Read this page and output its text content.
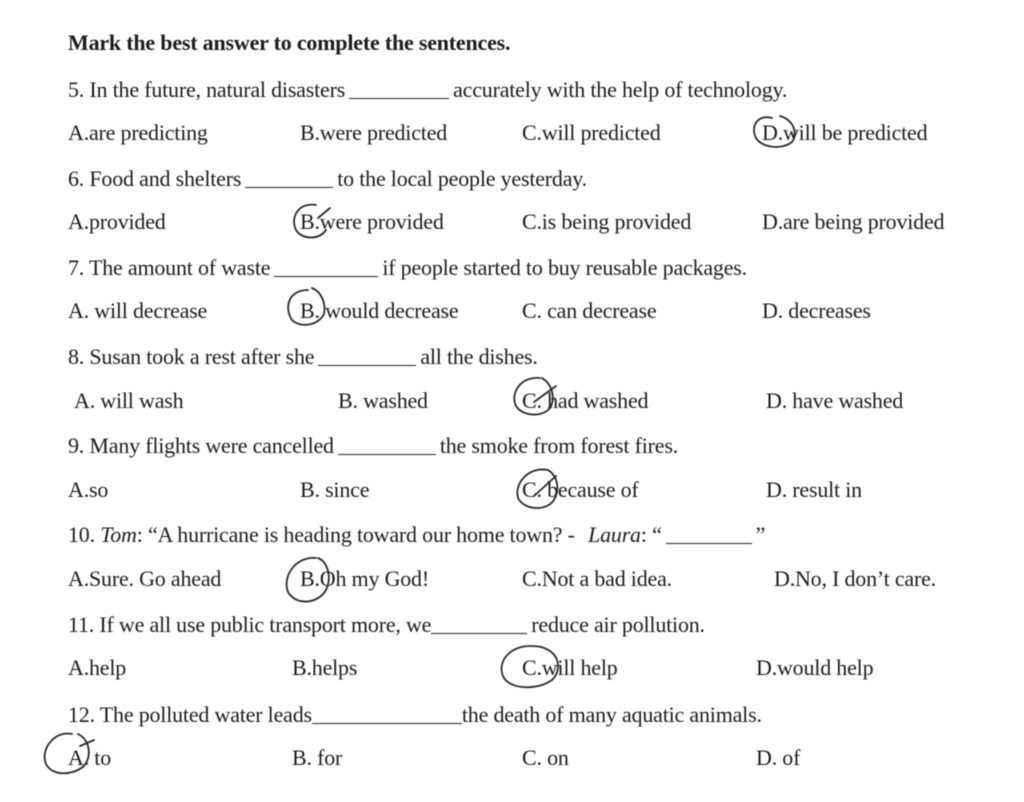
Mark the best answer to complete the sentences.
5. In the future, natural disasters	accurately with the help of technology.
A.are predicting	B.were predicted	C.will predicted	D.will be predicted
6. Food and shelters	to the local people yesterday.
A.provided	B.were provided	C.is being provided	D.are being provided
7. The amount of waste	if people started to buy reusable packages.
A. will decrease	B. would decrease	C. can decrease	D. decreases
8. Susan took a rest after she	all the dishes.
A. will wash	B. washed	C. had washed	D. have washed
9. Many flights were cancelled	the smoke from forest fires.
A.so	B. since	C. because of	D. result in
10. Tom: “A hurricane is heading toward our home town? - Laura: “	”
A.Sure. Go ahead	B.Oh my God!	C.Not a bad idea.	D.No, I don’t care.
11. If we all use public transport more, we	reduce air pollution.
A.help	B.helps	C.will help	D.would help
12. The polluted water leads	the death of many aquatic animals.
A. to	B. for	C. on	D. of
